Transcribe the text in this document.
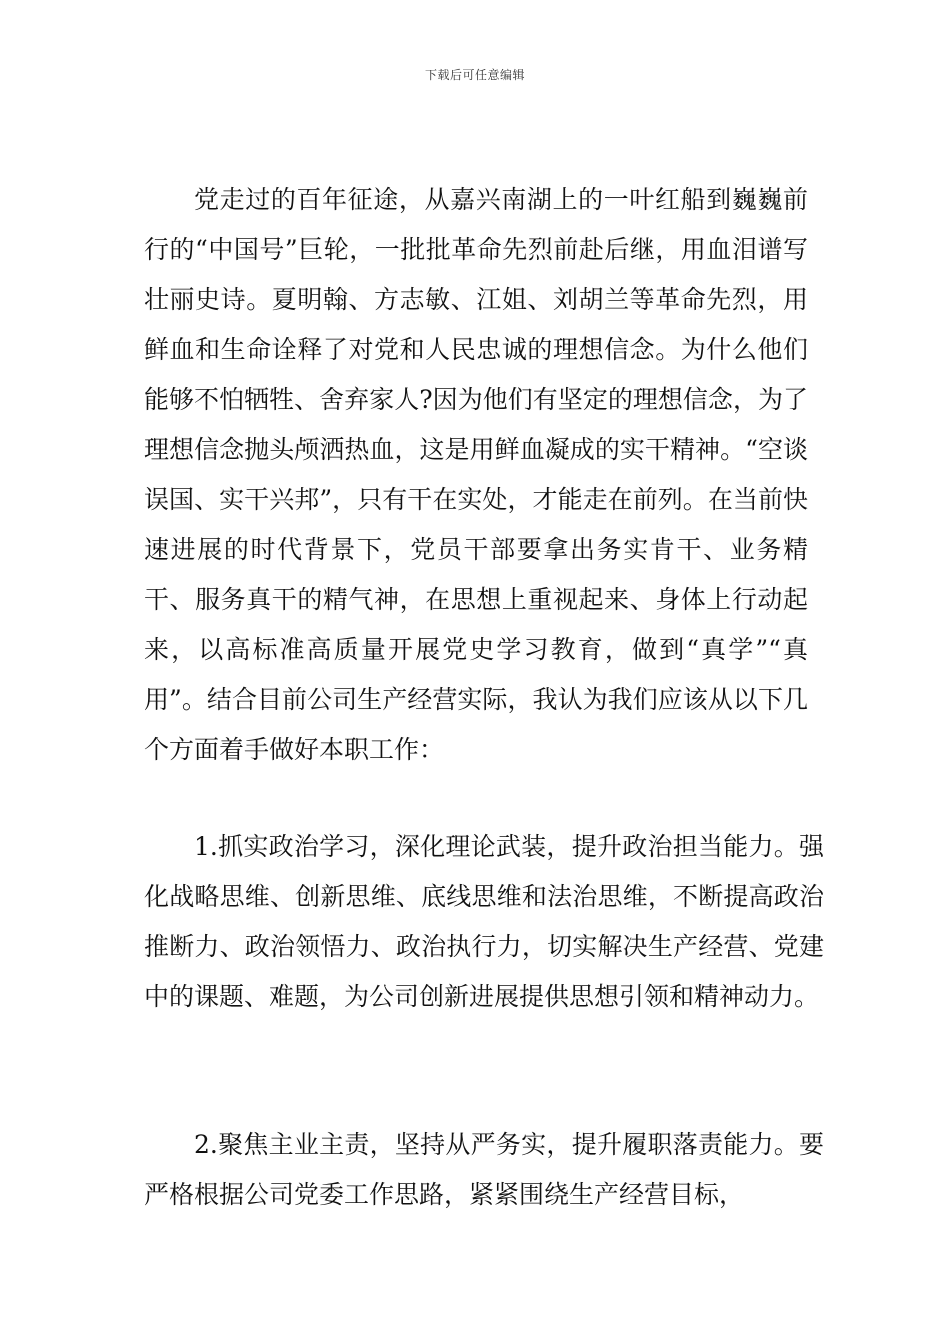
下载后可任意编辑

党走过的百年征途，从嘉兴南湖上的一叶红船到巍巍前行的“中国号”巨轮，一批批革命先烈前赴后继，用血泪谱写壮丽史诗。夏明翰、方志敏、江姐、刘胡兰等革命先烈，用鲜血和生命诠释了对党和人民忠诚的理想信念。为什么他们能够不怕牺牲、舍弃家人?因为他们有坚定的理想信念，为了理想信念抛头颅洒热血，这是用鲜血凝成的实干精神。“空谈误国、实干兴邦”，只有干在实处，才能走在前列。在当前快速进展的时代背景下，党员干部要拿出务实肯干、业务精干、服务真干的精气神，在思想上重视起来、身体上行动起来，以高标准高质量开展党史学习教育，做到“真学”“真用”。结合目前公司生产经营实际，我认为我们应该从以下几个方面着手做好本职工作：

1.抓实政治学习，深化理论武装，提升政治担当能力。强化战略思维、创新思维、底线思维和法治思维，不断提高政治推断力、政治领悟力、政治执行力，切实解决生产经营、党建中的课题、难题，为公司创新进展提供思想引领和精神动力。

2.聚焦主业主责，坚持从严务实，提升履职落责能力。要严格根据公司党委工作思路，紧紧围绕生产经营目标，
